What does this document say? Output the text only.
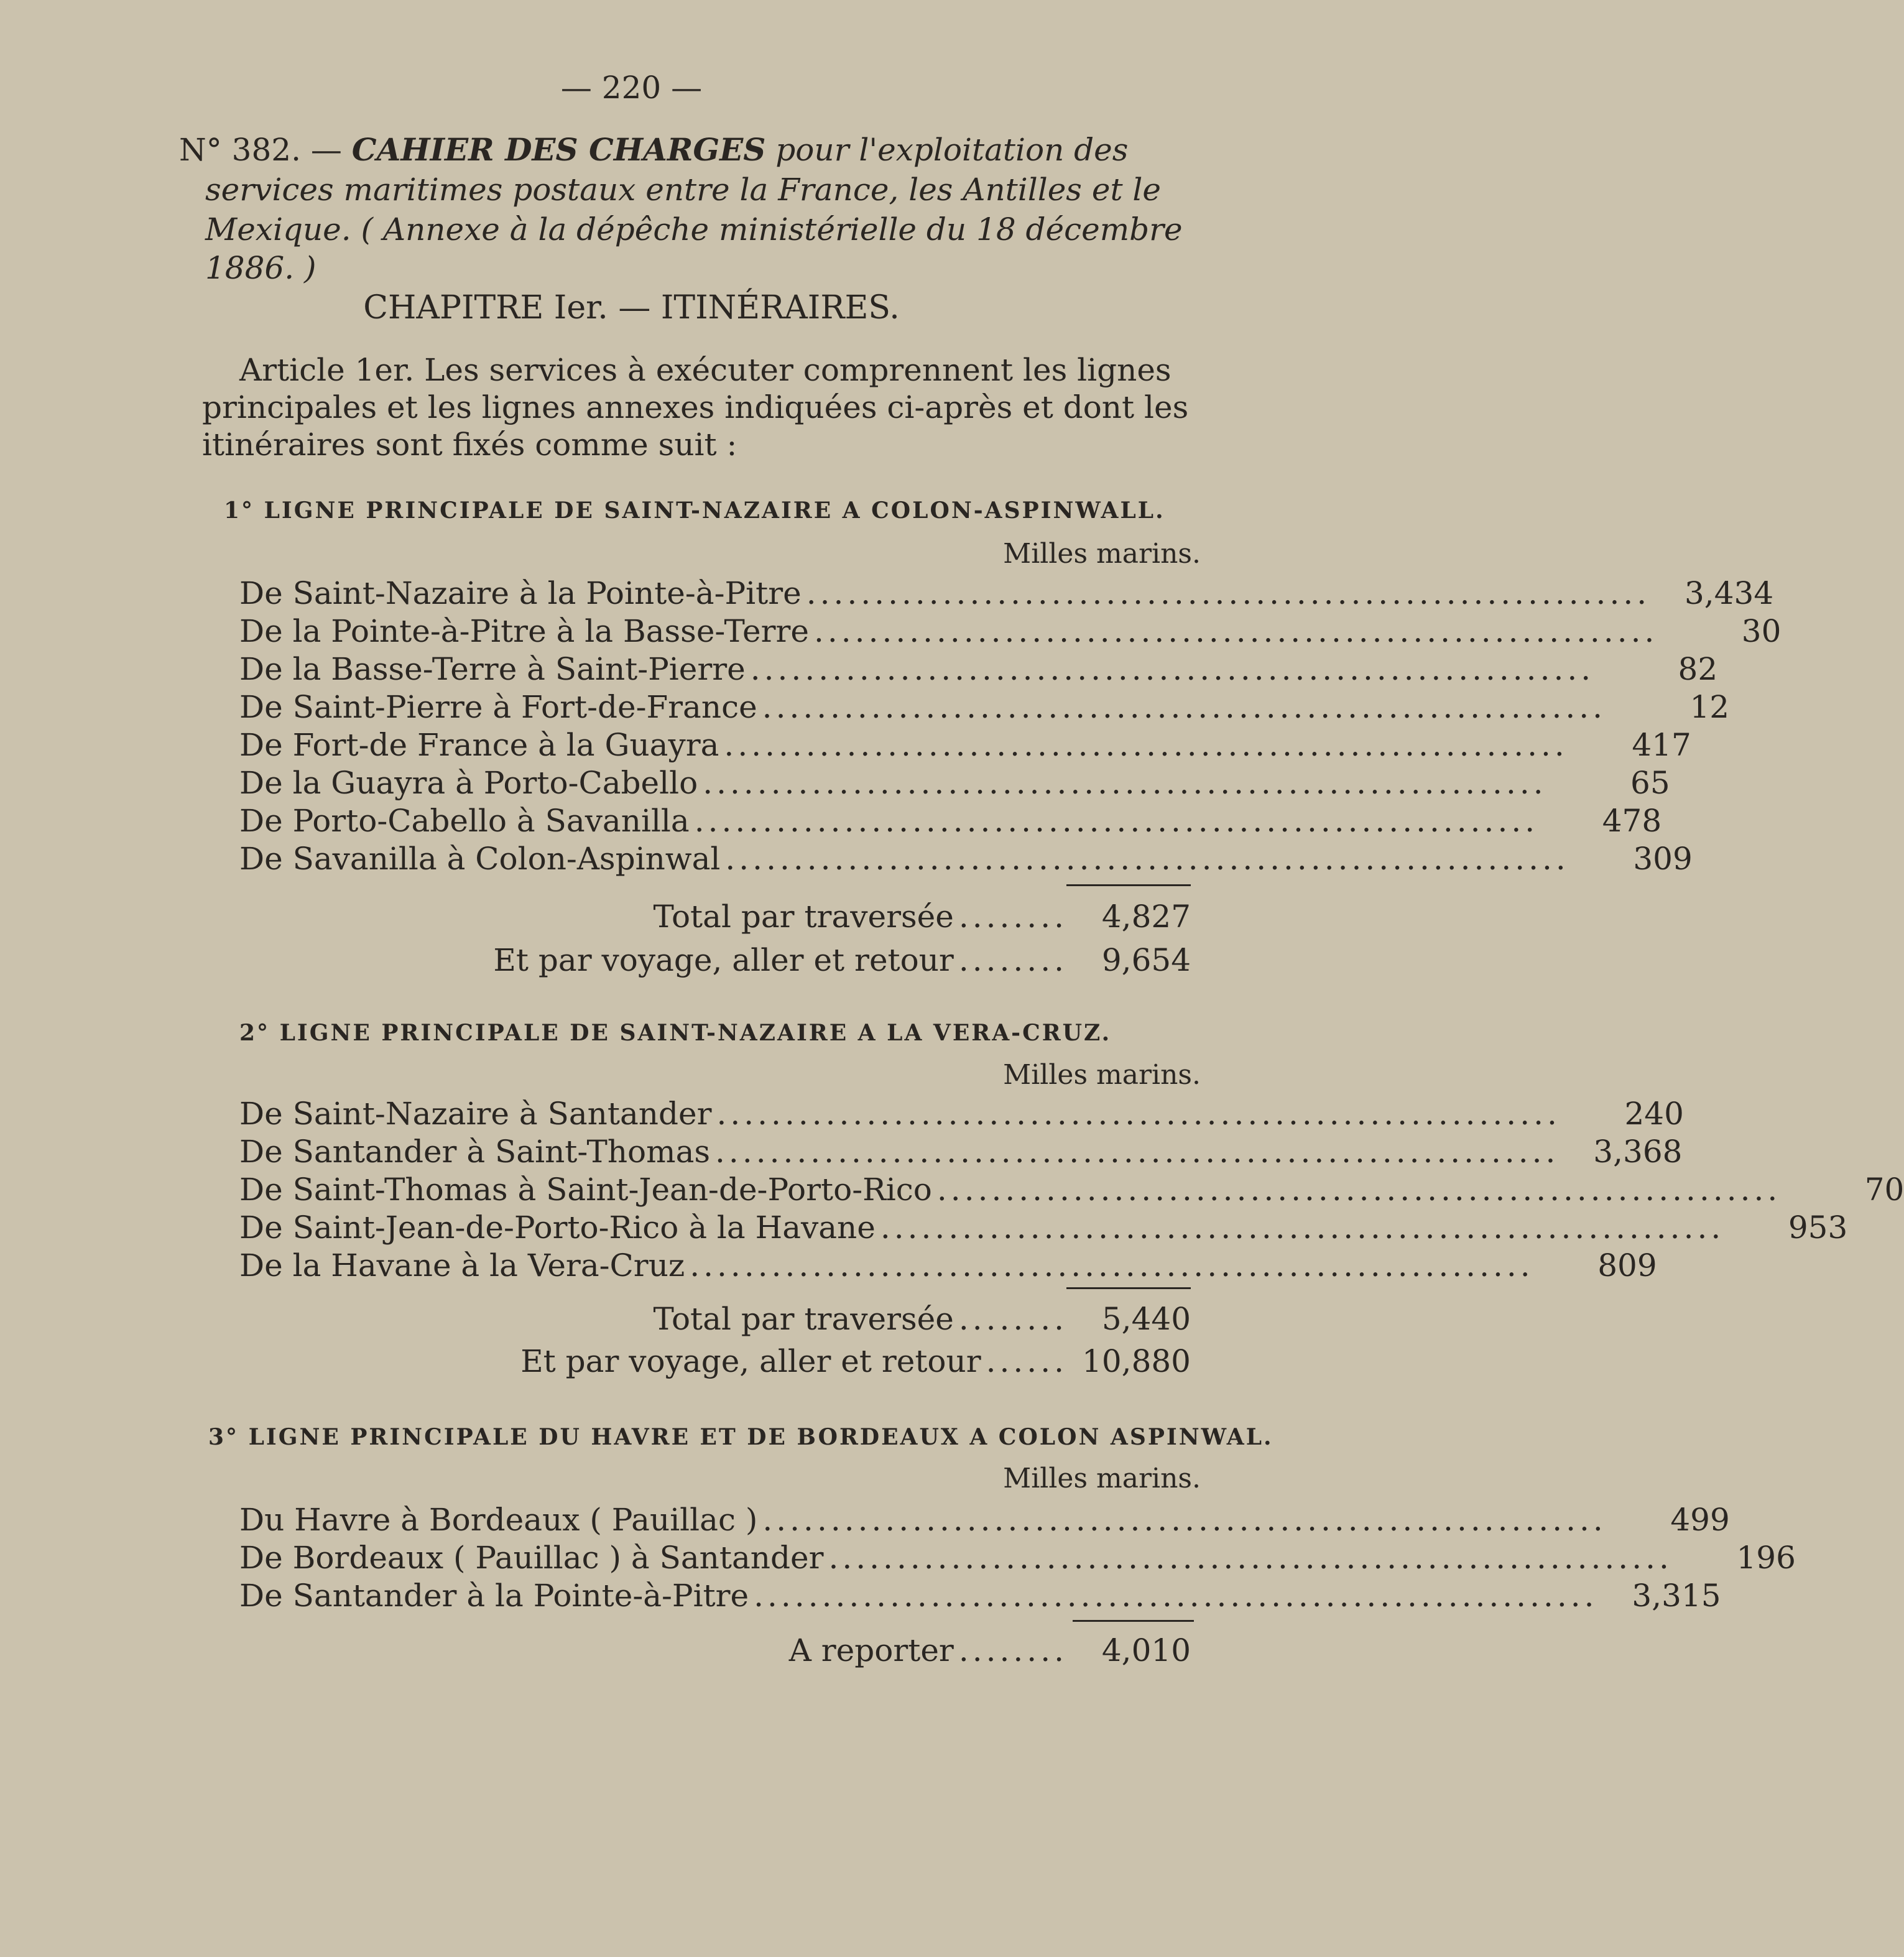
— 220 —
N° 382. — CAHIER DES CHARGES pour l'exploitation des
services maritimes postaux entre la France, les Antilles et le
Mexique. ( Annexe à la dépêche ministérielle du 18 décembre
1886. )
CHAPITRE Ier. — ITINÉRAIRES.
Article 1er. Les services à exécuter comprennent les lignes
principales et les lignes annexes indiquées ci-après et dont les
itinéraires sont fixés comme suit :
1° LIGNE PRINCIPALE DE SAINT-NAZAIRE A COLON-ASPINWALL.
Milles marins.
De Saint-Nazaire à la Pointe-à-Pitre ..............................................................	3,434
De la Pointe-à-Pitre à la Basse-Terre ..............................................................	30
De la Basse-Terre à Saint-Pierre ..............................................................	82
De Saint-Pierre à Fort-de-France ..............................................................	12
De Fort-de France à la Guayra ..............................................................	417
De la Guayra à Porto-Cabello ..............................................................	65
De Porto-Cabello à Savanilla ..............................................................	478
De Savanilla à Colon-Aspinwal ..............................................................	309
Total par traversée ........	4,827
Et par voyage, aller et retour ........	9,654
2° LIGNE PRINCIPALE DE SAINT-NAZAIRE A LA VERA-CRUZ.
Milles marins.
De Saint-Nazaire à Santander ..............................................................	240
De Santander à Saint-Thomas ..............................................................	3,368
De Saint-Thomas à Saint-Jean-de-Porto-Rico ..............................................................	70
De Saint-Jean-de-Porto-Rico à la Havane ..............................................................	953
De la Havane à la Vera-Cruz ..............................................................	809
Total par traversée ........	5,440
Et par voyage, aller et retour ...... 10,880
3° LIGNE PRINCIPALE DU HAVRE ET DE BORDEAUX A COLON ASPINWAL.
Milles marins.
Du Havre à Bordeaux ( Pauillac ) ..............................................................	499
De Bordeaux ( Pauillac ) à Santander ..............................................................	196
De Santander à la Pointe-à-Pitre ..............................................................	3,315
A reporter ........	4,010
